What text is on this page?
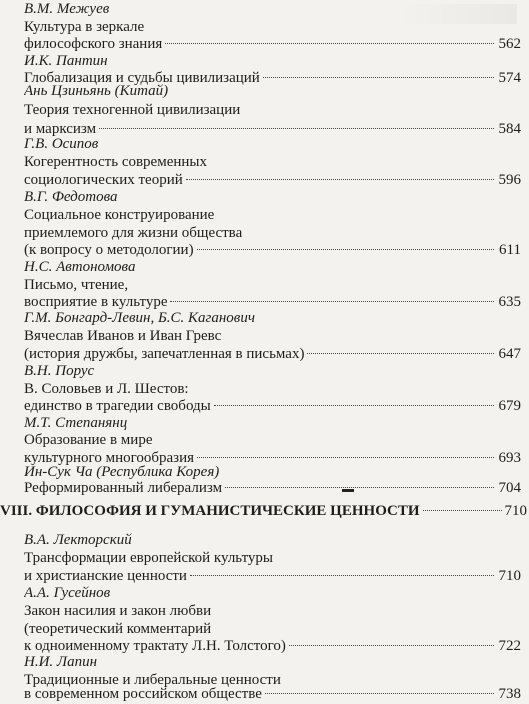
В.М. Межуев
Культура в зеркале
философского знания	562
И.К. Пантин
Глобализация и судьбы цивилизаций	574
Ань Цзиньянь (Китай)
Теория техногенной цивилизации
и марксизм	584
Г.В. Осипов
Когерентность современных
социологических теорий	596
В.Г. Федотова
Социальное конструирование
приемлемого для жизни общества
(к вопросу о методологии)	611
Н.С. Автономова
Письмо, чтение,
восприятие в культуре	635
Г.М. Бонгард-Левин, Б.С. Каганович
Вячеслав Иванов и Иван Гревс
(история дружбы, запечатленная в письмах)	647
В.Н. Порус
В. Соловьев и Л. Шестов:
единство в трагедии свободы	679
М.Т. Степанянц
Образование в мире
культурного многообразия	693
Ин-Сук Ча (Республика Корея)
Реформированный либерализм	704
VIII. ФИЛОСОФИЯ И ГУМАНИСТИЧЕСКИЕ ЦЕННОСТИ	710
В.А. Лекторский
Трансформации европейской культуры
и христианские ценности	710
А.А. Гусейнов
Закон насилия и закон любви
(теоретический комментарий
к одноименному трактату Л.Н. Толстого)	722
Н.И. Лапин
Традиционные и либеральные ценности
в современном российском обществе	738
